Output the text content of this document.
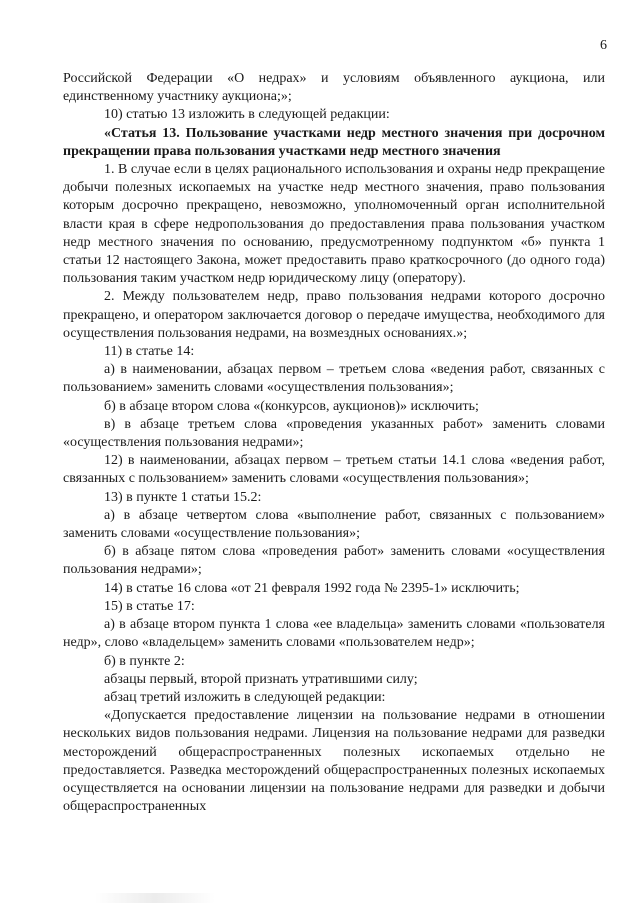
6

Российской Федерации «О недрах» и условиям объявленного аукциона, или единственному участнику аукциона;»;

10) статью 13 изложить в следующей редакции:

«Статья 13. Пользование участками недр местного значения при досрочном прекращении права пользования участками недр местного значения

1. В случае если в целях рационального использования и охраны недр прекращение добычи полезных ископаемых на участке недр местного значения, право пользования которым досрочно прекращено, невозможно, уполномоченный орган исполнительной власти края в сфере недропользования до предоставления права пользования участком недр местного значения по основанию, предусмотренному подпунктом «б» пункта 1 статьи 12 настоящего Закона, может предоставить право краткосрочного (до одного года) пользования таким участком недр юридическому лицу (оператору).

2. Между пользователем недр, право пользования недрами которого досрочно прекращено, и оператором заключается договор о передаче имущества, необходимого для осуществления пользования недрами, на возмездных основаниях.»;

11) в статье 14:

а) в наименовании, абзацах первом – третьем слова «ведения работ, связанных с пользованием» заменить словами «осуществления пользования»;

б) в абзаце втором слова «(конкурсов, аукционов)» исключить;

в) в абзаце третьем слова «проведения указанных работ» заменить словами «осуществления пользования недрами»;

12) в наименовании, абзацах первом – третьем статьи 14.1 слова «ведения работ, связанных с пользованием» заменить словами «осуществления пользования»;

13) в пункте 1 статьи 15.2:

а) в абзаце четвертом слова «выполнение работ, связанных с пользованием» заменить словами «осуществление пользования»;

б) в абзаце пятом слова «проведения работ» заменить словами «осуществления пользования недрами»;

14) в статье 16 слова «от 21 февраля 1992 года № 2395-1» исключить;

15) в статье 17:

а) в абзаце втором пункта 1 слова «ее владельца» заменить словами «пользователя недр», слово «владельцем» заменить словами «пользователем недр»;

б) в пункте 2:

абзацы первый, второй признать утратившими силу;

абзац третий изложить в следующей редакции:

«Допускается предоставление лицензии на пользование недрами в отношении нескольких видов пользования недрами. Лицензия на пользование недрами для разведки месторождений общераспространенных полезных ископаемых отдельно не предоставляется. Разведка месторождений общераспространенных полезных ископаемых осуществляется на основании лицензии на пользование недрами для разведки и добычи общераспространенных
